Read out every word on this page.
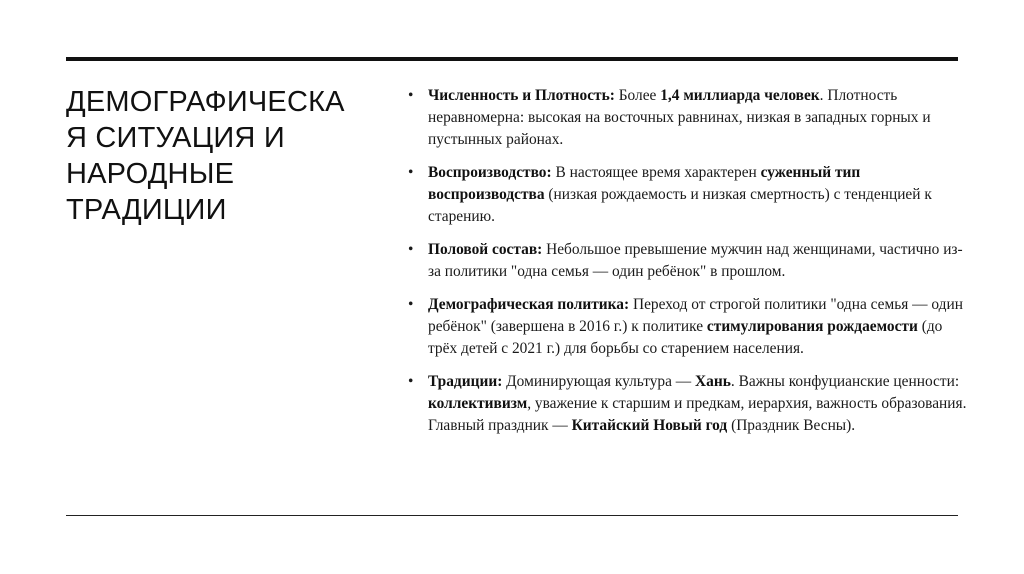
ДЕМОГРАФИЧЕСКА
Я СИТУАЦИЯ И
НАРОДНЫЕ
ТРАДИЦИИ
• Численность и Плотность: Более 1,4 миллиарда человек. Плотность неравномерна: высокая на восточных равнинах, низкая в западных горных и пустынных районах.
• Воспроизводство: В настоящее время характерен суженный тип воспроизводства (низкая рождаемость и низкая смертность) с тенденцией к старению.
• Половой состав: Небольшое превышение мужчин над женщинами, частично из-за политики "одна семья — один ребёнок" в прошлом.
• Демографическая политика: Переход от строгой политики "одна семья — один ребёнок" (завершена в 2016 г.) к политике стимулирования рождаемости (до трёх детей с 2021 г.) для борьбы со старением населения.
• Традиции: Доминирующая культура — Хань. Важны конфуцианские ценности: коллективизм, уважение к старшим и предкам, иерархия, важность образования. Главный праздник — Китайский Новый год (Праздник Весны).
